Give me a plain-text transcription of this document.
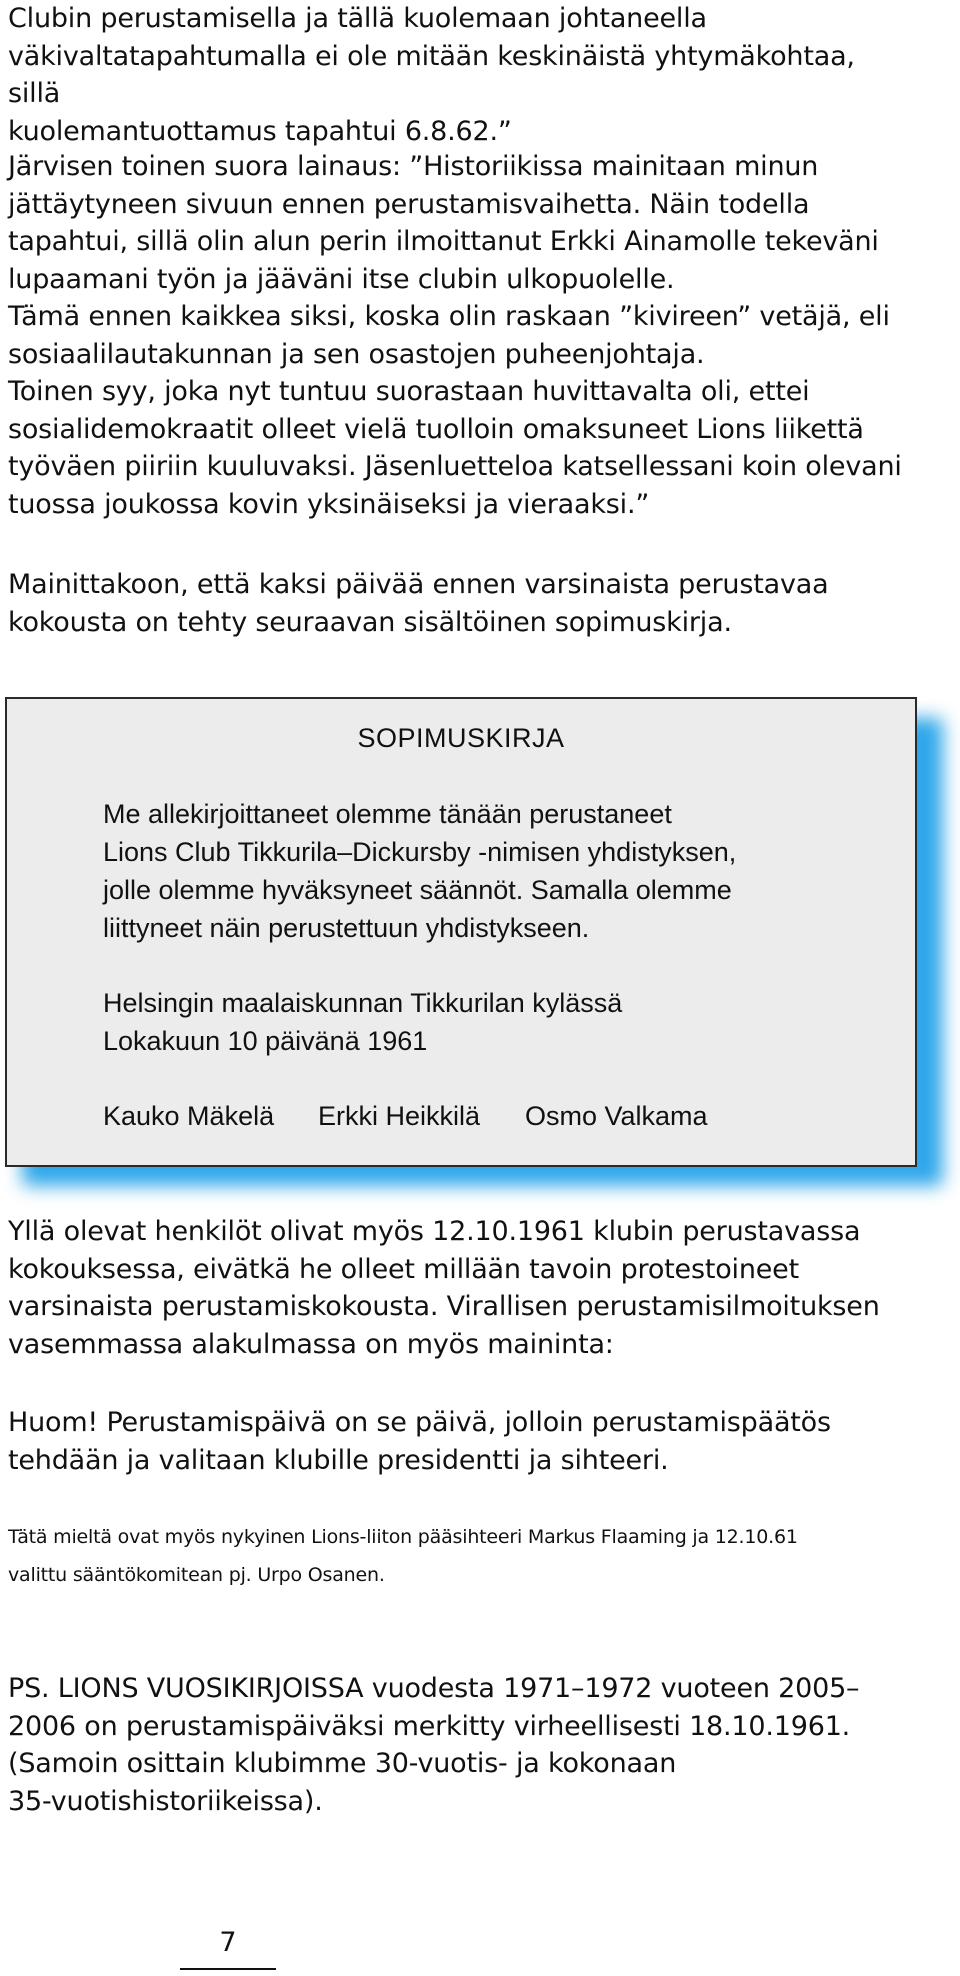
Clubin perustamisella ja tällä kuolemaan johtaneella
väkivaltatapahtumalla ei ole mitään keskinäistä yhtymäkohtaa, sillä
kuolemantuottamus tapahtui 6.8.62.”

Järvisen toinen suora lainaus: ”Historiikissa mainitaan minun
jättäytyneen sivuun ennen perustamisvaihetta. Näin todella
tapahtui, sillä olin alun perin ilmoittanut Erkki Ainamolle tekeväni
lupaamani työn ja jääväni itse clubin ulkopuolelle.
Tämä ennen kaikkea siksi, koska olin raskaan ”kivireen” vetäjä, eli
sosiaalilautakunnan ja sen osastojen puheenjohtaja.
Toinen syy, joka nyt tuntuu suorastaan huvittavalta oli, ettei
sosialidemokraatit olleet vielä tuolloin omaksuneet Lions liikettä
työväen piiriin kuuluvaksi. Jäsenluetteloa katsellessani koin olevani
tuossa joukossa kovin yksinäiseksi ja vieraaksi.”

Mainittakoon, että kaksi päivää ennen varsinaista perustavaa
kokousta on tehty seuraavan sisältöinen sopimuskirja.

SOPIMUSKIRJA
Me allekirjoittaneet olemme tänään perustaneet
Lions Club Tikkurila–Dickursby -nimisen yhdistyksen,
jolle olemme hyväksyneet säännöt. Samalla olemme
liittyneet näin perustettuun yhdistykseen.
Helsingin maalaiskunnan Tikkurilan kylässä
Lokakuun 10 päivänä 1961
Kauko Mäkelä Erkki Heikkilä Osmo Valkama

Yllä olevat henkilöt olivat myös 12.10.1961 klubin perustavassa
kokouksessa, eivätkä he olleet millään tavoin protestoineet
varsinaista perustamiskokousta. Virallisen perustamisilmoituksen
vasemmassa alakulmassa on myös maininta:

Huom! Perustamispäivä on se päivä, jolloin perustamispäätös
tehdään ja valitaan klubille presidentti ja sihteeri.

Tätä mieltä ovat myös nykyinen Lions-liiton pääsihteeri Markus Flaaming ja 12.10.61
valittu sääntökomitean pj. Urpo Osanen.

PS. LIONS VUOSIKIRJOISSA vuodesta 1971–1972 vuoteen 2005–
2006 on perustamispäiväksi merkitty virheellisesti 18.10.1961.
(Samoin osittain klubimme 30-vuotis- ja kokonaan
35-vuotishistoriikeissa).

7
